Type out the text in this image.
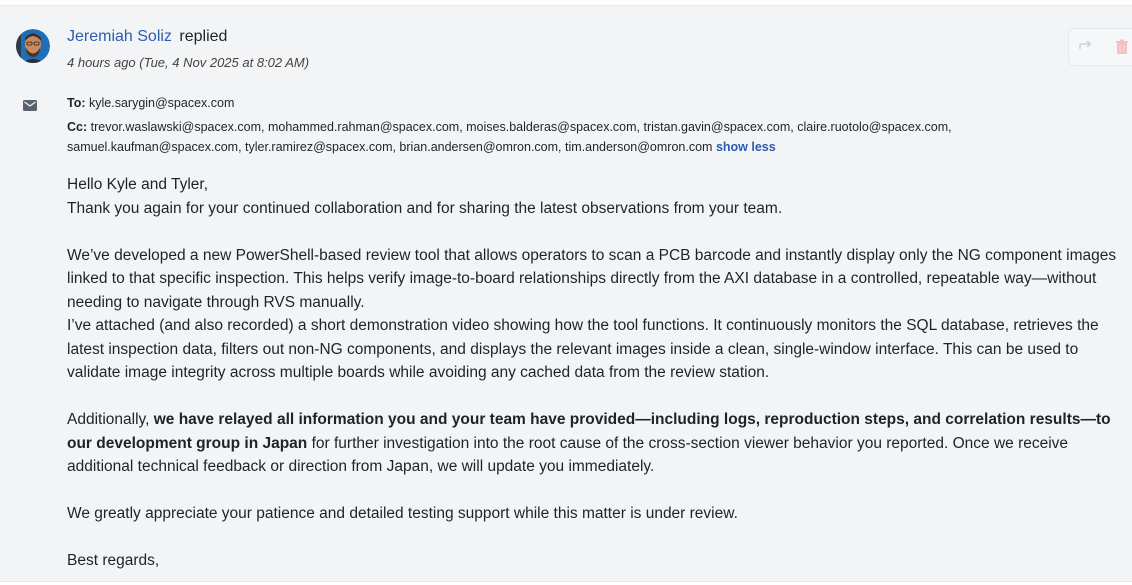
Jeremiah Soliz replied
4 hours ago (Tue, 4 Nov 2025 at 8:02 AM)
To: kyle.sarygin@spacex.com
Cc: trevor.waslawski@spacex.com, mohammed.rahman@spacex.com, moises.balderas@spacex.com, tristan.gavin@spacex.com, claire.ruotolo@spacex.com,
samuel.kaufman@spacex.com, tyler.ramirez@spacex.com, brian.andersen@omron.com, tim.anderson@omron.com show less

Hello Kyle and Tyler,

Thank you again for your continued collaboration and for sharing the latest observations from your team.

We’ve developed a new PowerShell-based review tool that allows operators to scan a PCB barcode and instantly display only the NG component images linked to that specific inspection. This helps verify image-to-board relationships directly from the AXI database in a controlled, repeatable way—without needing to navigate through RVS manually.

I’ve attached (and also recorded) a short demonstration video showing how the tool functions. It continuously monitors the SQL database, retrieves the latest inspection data, filters out non-NG components, and displays the relevant images inside a clean, single-window interface. This can be used to validate image integrity across multiple boards while avoiding any cached data from the review station.

Additionally, we have relayed all information you and your team have provided—including logs, reproduction steps, and correlation results—to our development group in Japan for further investigation into the root cause of the cross-section viewer behavior you reported. Once we receive additional technical feedback or direction from Japan, we will update you immediately.

We greatly appreciate your patience and detailed testing support while this matter is under review.

Best regards,
